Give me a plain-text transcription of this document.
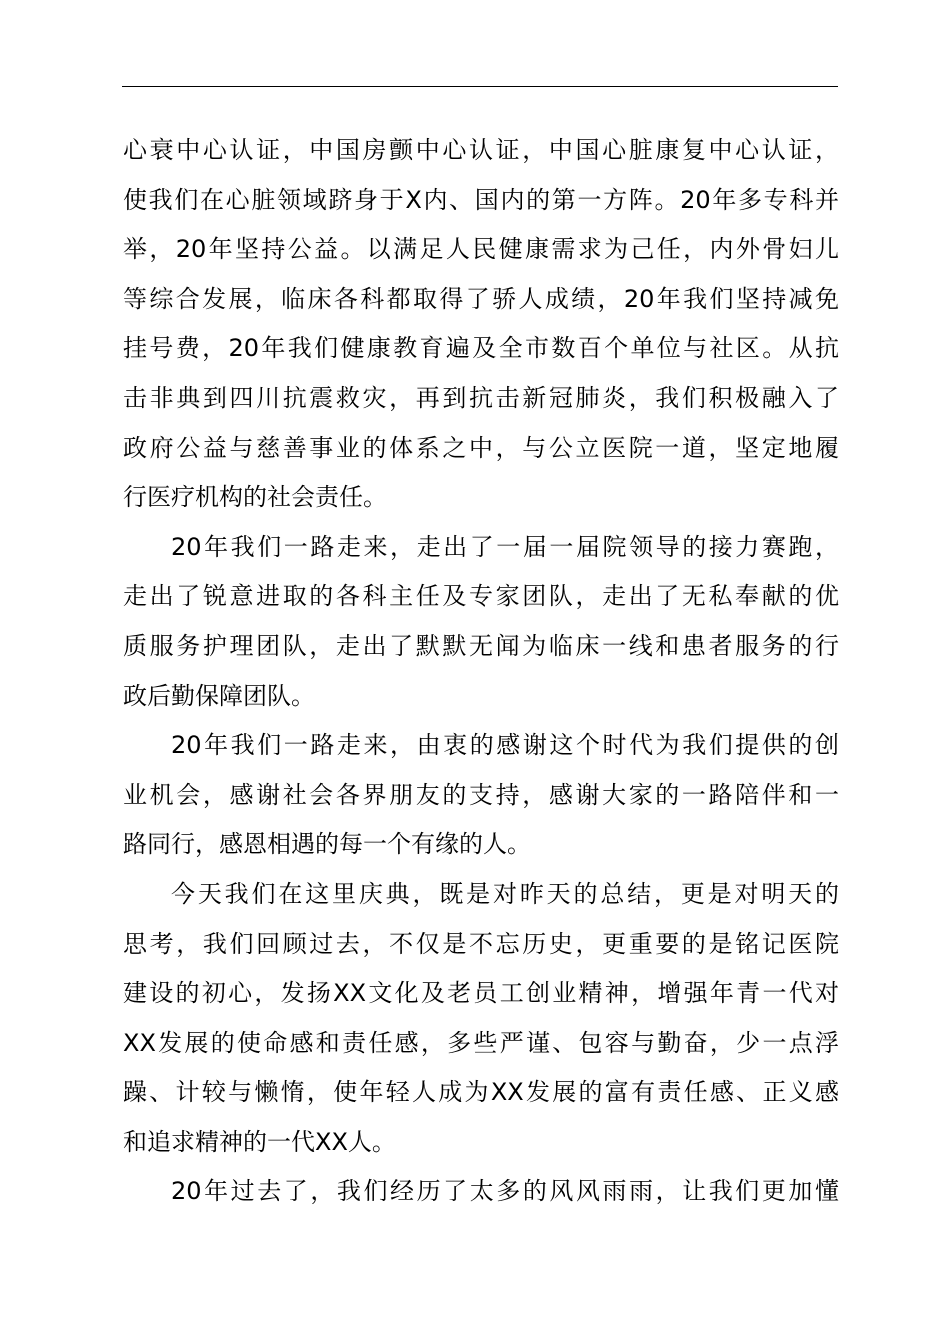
心衰中心认证，中国房颤中心认证，中国心脏康复中心认证，
使我们在心脏领域跻身于X内、国内的第一方阵。20年多专科并
举，20年坚持公益。以满足人民健康需求为己任，内外骨妇儿
等综合发展，临床各科都取得了骄人成绩，20年我们坚持减免
挂号费，20年我们健康教育遍及全市数百个单位与社区。从抗
击非典到四川抗震救灾，再到抗击新冠肺炎，我们积极融入了
政府公益与慈善事业的体系之中，与公立医院一道，坚定地履
行医疗机构的社会责任。
20年我们一路走来，走出了一届一届院领导的接力赛跑，
走出了锐意进取的各科主任及专家团队，走出了无私奉献的优
质服务护理团队，走出了默默无闻为临床一线和患者服务的行
政后勤保障团队。
20年我们一路走来，由衷的感谢这个时代为我们提供的创
业机会，感谢社会各界朋友的支持，感谢大家的一路陪伴和一
路同行，感恩相遇的每一个有缘的人。
今天我们在这里庆典，既是对昨天的总结，更是对明天的
思考，我们回顾过去，不仅是不忘历史，更重要的是铭记医院
建设的初心，发扬XX文化及老员工创业精神，增强年青一代对
XX发展的使命感和责任感，多些严谨、包容与勤奋，少一点浮
躁、计较与懒惰，使年轻人成为XX发展的富有责任感、正义感
和追求精神的一代XX人。
20年过去了，我们经历了太多的风风雨雨，让我们更加懂
